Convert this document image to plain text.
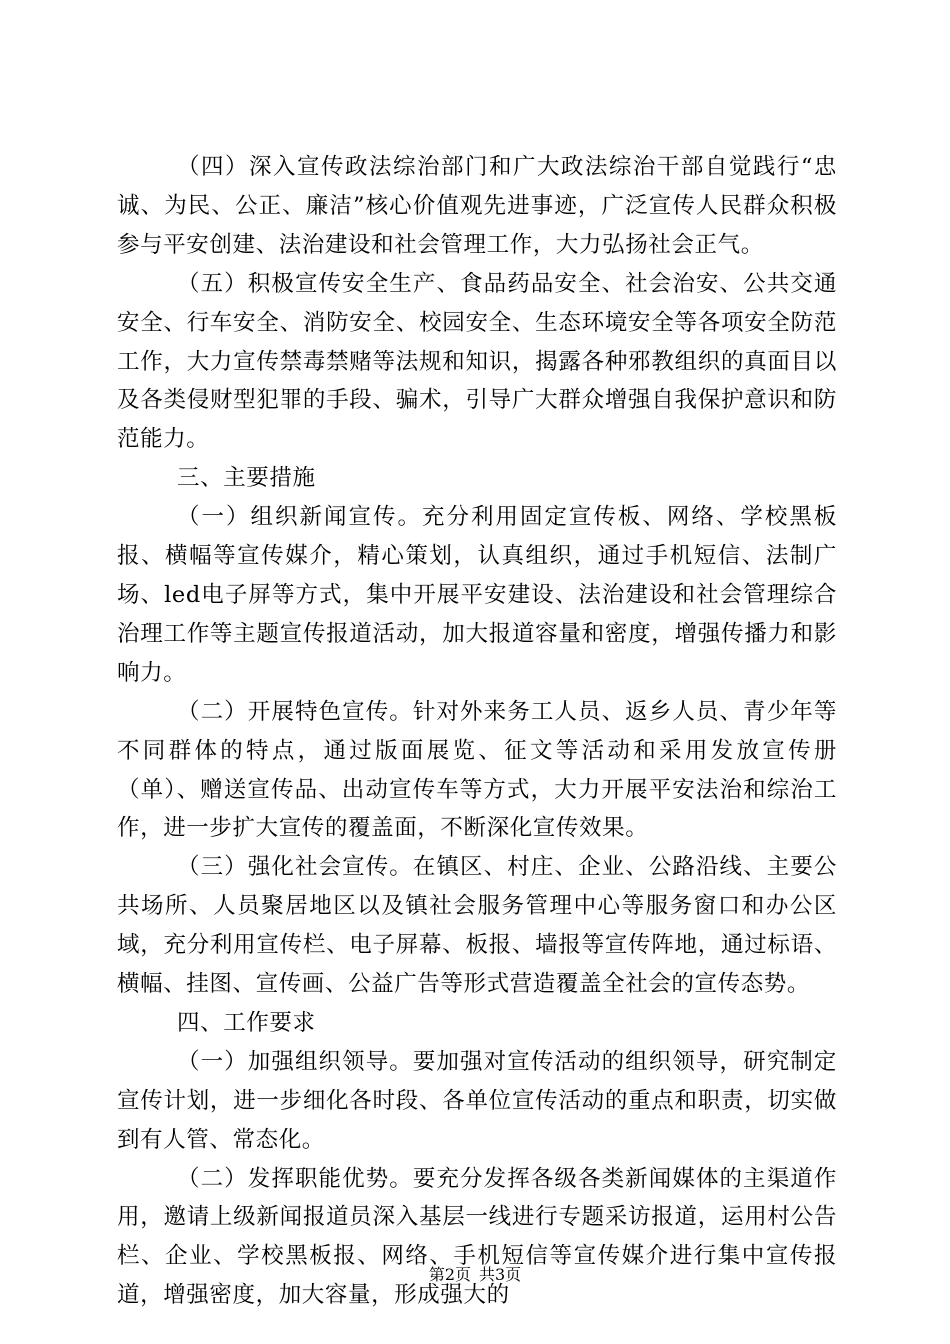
（四）深入宣传政法综治部门和广大政法综治干部自觉践行“忠诚、为民、公正、廉洁”核心价值观先进事迹，广泛宣传人民群众积极参与平安创建、法治建设和社会管理工作，大力弘扬社会正气。

（五）积极宣传安全生产、食品药品安全、社会治安、公共交通安全、行车安全、消防安全、校园安全、生态环境安全等各项安全防范工作，大力宣传禁毒禁赌等法规和知识，揭露各种邪教组织的真面目以及各类侵财型犯罪的手段、骗术，引导广大群众增强自我保护意识和防范能力。

三、主要措施

（一）组织新闻宣传。充分利用固定宣传板、网络、学校黑板报、横幅等宣传媒介，精心策划，认真组织，通过手机短信、法制广场、led电子屏等方式，集中开展平安建设、法治建设和社会管理综合治理工作等主题宣传报道活动，加大报道容量和密度，增强传播力和影响力。

（二）开展特色宣传。针对外来务工人员、返乡人员、青少年等不同群体的特点，通过版面展览、征文等活动和采用发放宣传册（单）、赠送宣传品、出动宣传车等方式，大力开展平安法治和综治工作，进一步扩大宣传的覆盖面，不断深化宣传效果。

（三）强化社会宣传。在镇区、村庄、企业、公路沿线、主要公共场所、人员聚居地区以及镇社会服务管理中心等服务窗口和办公区域，充分利用宣传栏、电子屏幕、板报、墙报等宣传阵地，通过标语、横幅、挂图、宣传画、公益广告等形式营造覆盖全社会的宣传态势。

四、工作要求

（一）加强组织领导。要加强对宣传活动的组织领导，研究制定宣传计划，进一步细化各时段、各单位宣传活动的重点和职责，切实做到有人管、常态化。

（二）发挥职能优势。要充分发挥各级各类新闻媒体的主渠道作用，邀请上级新闻报道员深入基层一线进行专题采访报道，运用村公告栏、企业、学校黑板报、网络、手机短信等宣传媒介进行集中宣传报道，增强密度，加大容量，形成强大的

第2页 共3页
